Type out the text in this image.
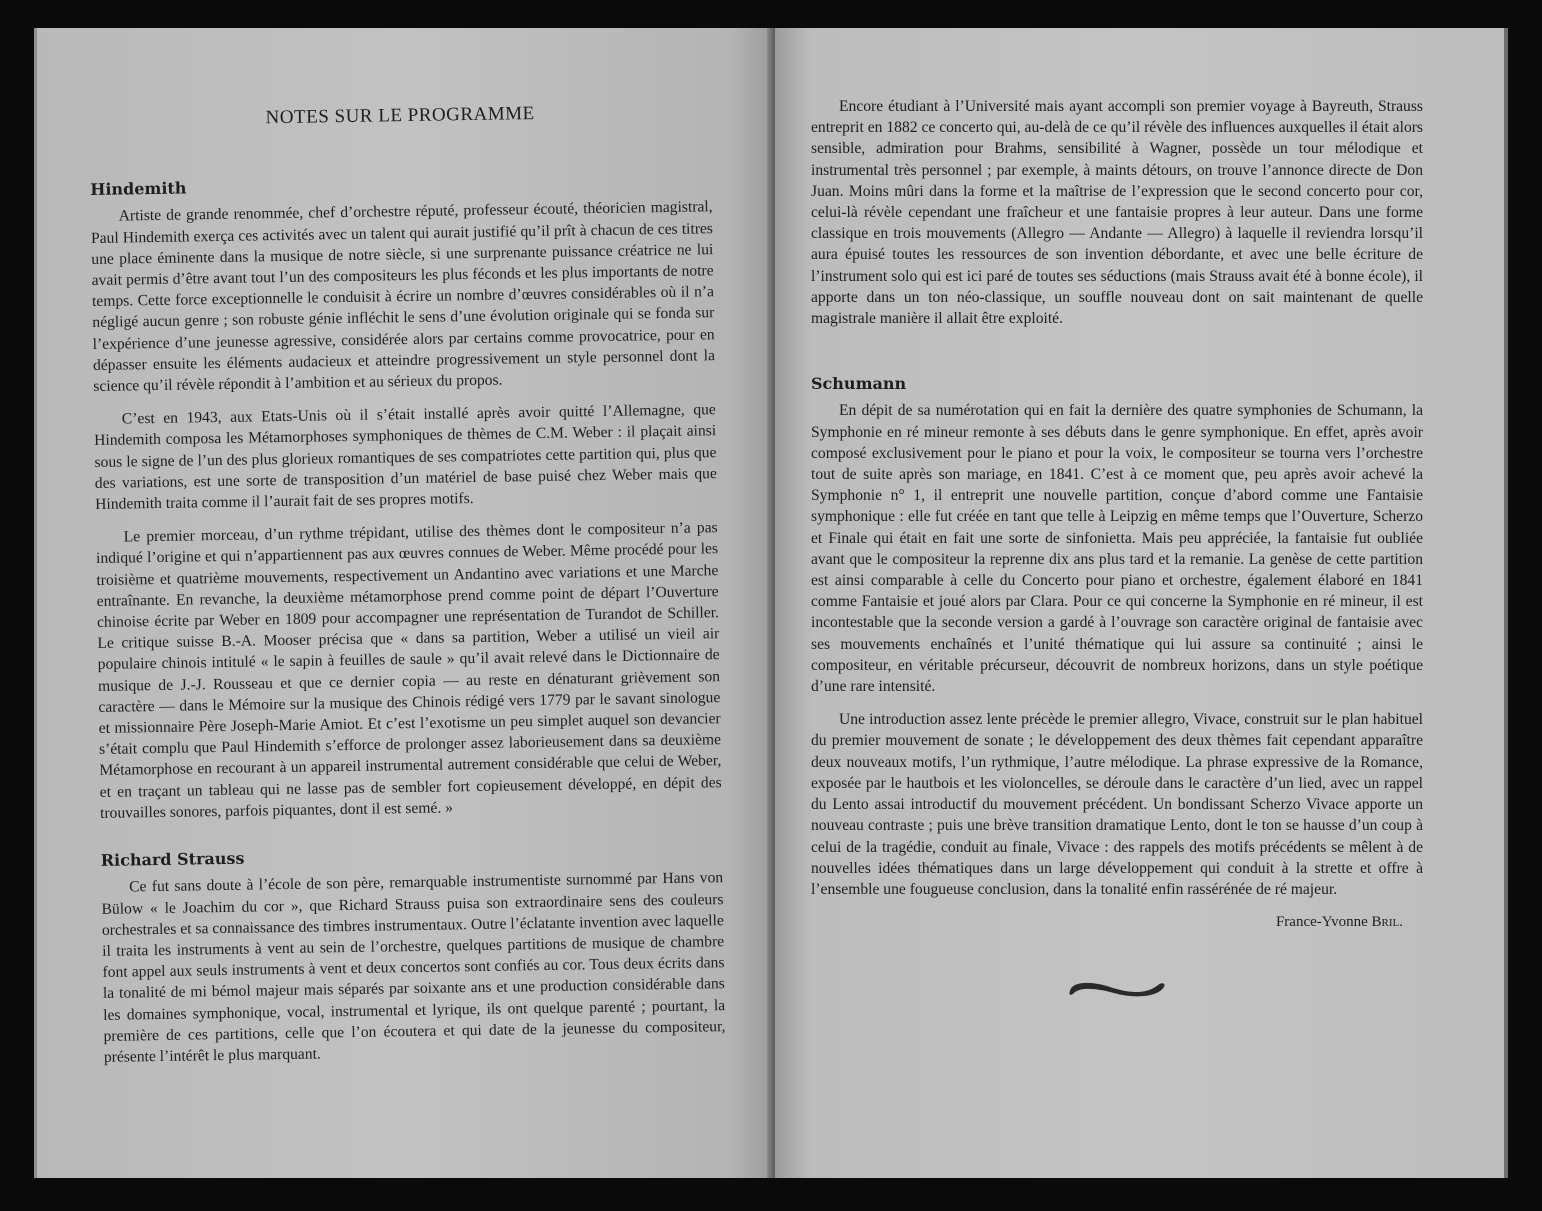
NOTES SUR LE PROGRAMME
Hindemith

Artiste de grande renommée, chef d’orchestre réputé, professeur écouté, théoricien magistral, Paul Hindemith exerça ces activités avec un talent qui aurait justifié qu’il prît à chacun de ces titres une place éminente dans la musique de notre siècle, si une surprenante puissance créatrice ne lui avait permis d’être avant tout l’un des compositeurs les plus féconds et les plus importants de notre temps. Cette force exceptionnelle le conduisit à écrire un nombre d’œuvres considérables où il n’a négligé aucun genre ; son robuste génie infléchit le sens d’une évolution originale qui se fonda sur l’expérience d’une jeunesse agressive, considérée alors par certains comme provocatrice, pour en dépasser ensuite les éléments audacieux et atteindre progressivement un style personnel dont la science qu’il révèle répondit à l’ambition et au sérieux du propos.

C’est en 1943, aux Etats-Unis où il s’était installé après avoir quitté l’Allemagne, que Hindemith composa les Métamorphoses symphoniques de thèmes de C.M. Weber : il plaçait ainsi sous le signe de l’un des plus glorieux romantiques de ses compatriotes cette partition qui, plus que des variations, est une sorte de transposition d’un matériel de base puisé chez Weber mais que Hindemith traita comme il l’aurait fait de ses propres motifs.

Le premier morceau, d’un rythme trépidant, utilise des thèmes dont le compositeur n’a pas indiqué l’origine et qui n’appartiennent pas aux œuvres connues de Weber. Même procédé pour les troisième et quatrième mouvements, respectivement un Andantino avec variations et une Marche entraînante. En revanche, la deuxième métamorphose prend comme point de départ l’Ouverture chinoise écrite par Weber en 1809 pour accompagner une représentation de Turandot de Schiller. Le critique suisse B.-A. Mooser précisa que « dans sa partition, Weber a utilisé un vieil air populaire chinois intitulé « le sapin à feuilles de saule » qu’il avait relevé dans le Dictionnaire de musique de J.-J. Rousseau et que ce dernier copia — au reste en dénaturant grièvement son caractère — dans le Mémoire sur la musique des Chinois rédigé vers 1779 par le savant sinologue et missionnaire Père Joseph-Marie Amiot. Et c’est l’exotisme un peu simplet auquel son devancier s’était complu que Paul Hindemith s’efforce de prolonger assez laborieusement dans sa deuxième Métamorphose en recourant à un appareil instrumental autrement considérable que celui de Weber, et en traçant un tableau qui ne lasse pas de sembler fort copieusement développé, en dépit des trouvailles sonores, parfois piquantes, dont il est semé. »

Richard Strauss

Ce fut sans doute à l’école de son père, remarquable instrumentiste surnommé par Hans von Bülow « le Joachim du cor », que Richard Strauss puisa son extraordinaire sens des couleurs orchestrales et sa connaissance des timbres instrumentaux. Outre l’éclatante invention avec laquelle il traita les instruments à vent au sein de l’orchestre, quelques partitions de musique de chambre font appel aux seuls instruments à vent et deux concertos sont confiés au cor. Tous deux écrits dans la tonalité de mi bémol majeur mais séparés par soixante ans et une production considérable dans les domaines symphonique, vocal, instrumental et lyrique, ils ont quelque parenté ; pourtant, la première de ces partitions, celle que l’on écoutera et qui date de la jeunesse du compositeur, présente l’intérêt le plus marquant.

Encore étudiant à l’Université mais ayant accompli son premier voyage à Bayreuth, Strauss entreprit en 1882 ce concerto qui, au-delà de ce qu’il révèle des influences auxquelles il était alors sensible, admiration pour Brahms, sensibilité à Wagner, possède un tour mélodique et instrumental très personnel ; par exemple, à maints détours, on trouve l’annonce directe de Don Juan. Moins mûri dans la forme et la maîtrise de l’expression que le second concerto pour cor, celui-là révèle cependant une fraîcheur et une fantaisie propres à leur auteur. Dans une forme classique en trois mouvements (Allegro — Andante — Allegro) à laquelle il reviendra lorsqu’il aura épuisé toutes les ressources de son invention débordante, et avec une belle écriture de l’instrument solo qui est ici paré de toutes ses séductions (mais Strauss avait été à bonne école), il apporte dans un ton néo-classique, un souffle nouveau dont on sait maintenant de quelle magistrale manière il allait être exploité.

Schumann

En dépit de sa numérotation qui en fait la dernière des quatre symphonies de Schumann, la Symphonie en ré mineur remonte à ses débuts dans le genre symphonique. En effet, après avoir composé exclusivement pour le piano et pour la voix, le compositeur se tourna vers l’orchestre tout de suite après son mariage, en 1841. C’est à ce moment que, peu après avoir achevé la Symphonie n° 1, il entreprit une nouvelle partition, conçue d’abord comme une Fantaisie symphonique : elle fut créée en tant que telle à Leipzig en même temps que l’Ouverture, Scherzo et Finale qui était en fait une sorte de sinfonietta. Mais peu appréciée, la fantaisie fut oubliée avant que le compositeur la reprenne dix ans plus tard et la remanie. La genèse de cette partition est ainsi comparable à celle du Concerto pour piano et orchestre, également élaboré en 1841 comme Fantaisie et joué alors par Clara. Pour ce qui concerne la Symphonie en ré mineur, il est incontestable que la seconde version a gardé à l’ouvrage son caractère original de fantaisie avec ses mouvements enchaînés et l’unité thématique qui lui assure sa continuité ; ainsi le compositeur, en véritable précurseur, découvrit de nombreux horizons, dans un style poétique d’une rare intensité.

Une introduction assez lente précède le premier allegro, Vivace, construit sur le plan habituel du premier mouvement de sonate ; le développement des deux thèmes fait cependant apparaître deux nouveaux motifs, l’un rythmique, l’autre mélodique. La phrase expressive de la Romance, exposée par le hautbois et les violoncelles, se déroule dans le caractère d’un lied, avec un rappel du Lento assai introductif du mouvement précédent. Un bondissant Scherzo Vivace apporte un nouveau contraste ; puis une brève transition dramatique Lento, dont le ton se hausse d’un coup à celui de la tragédie, conduit au finale, Vivace : des rappels des motifs précédents se mêlent à de nouvelles idées thématiques dans un large développement qui conduit à la strette et offre à l’ensemble une fougueuse conclusion, dans la tonalité enfin rassérénée de ré majeur.

France-Yvonne Bril.
